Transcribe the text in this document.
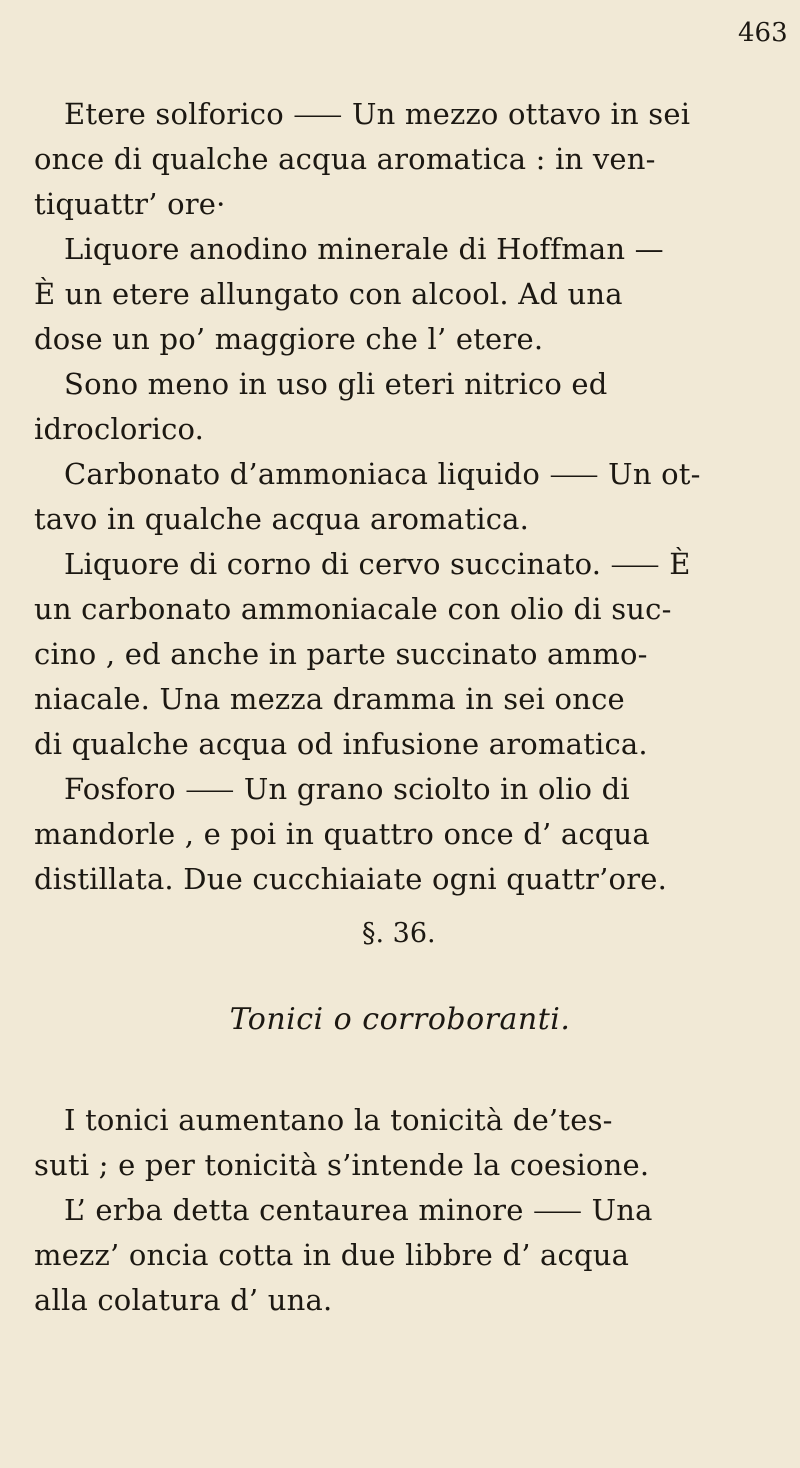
463
Etere solforico ⸺ Un mezzo ottavo in sei
once di qualche acqua aromatica : in ven-
tiquattr’ ore·
Liquore anodino minerale di Hoffman —
È un etere allungato con alcool. Ad una
dose un po’ maggiore che l’ etere.
Sono meno in uso gli eteri nitrico ed
idroclorico.
Carbonato d’ammoniaca liquido ⸺ Un ot-
tavo in qualche acqua aromatica.
Liquore di corno di cervo succinato. ⸺ È
un carbonato ammoniacale con olio di suc-
cino , ed anche in parte succinato ammo-
niacale. Una mezza dramma in sei once
di qualche acqua od infusione aromatica.
Fosforo ⸺ Un grano sciolto in olio di
mandorle , e poi in quattro once d’ acqua
distillata. Due cucchiaiate ogni quattr’ore.
§. 36.
Tonici o corroboranti.
I tonici aumentano la tonicità de’tes-
suti ; e per tonicità s’intende la coesione.
L’ erba detta centaurea minore ⸺ Una
mezz’ oncia cotta in due libbre d’ acqua
alla colatura d’ una.
